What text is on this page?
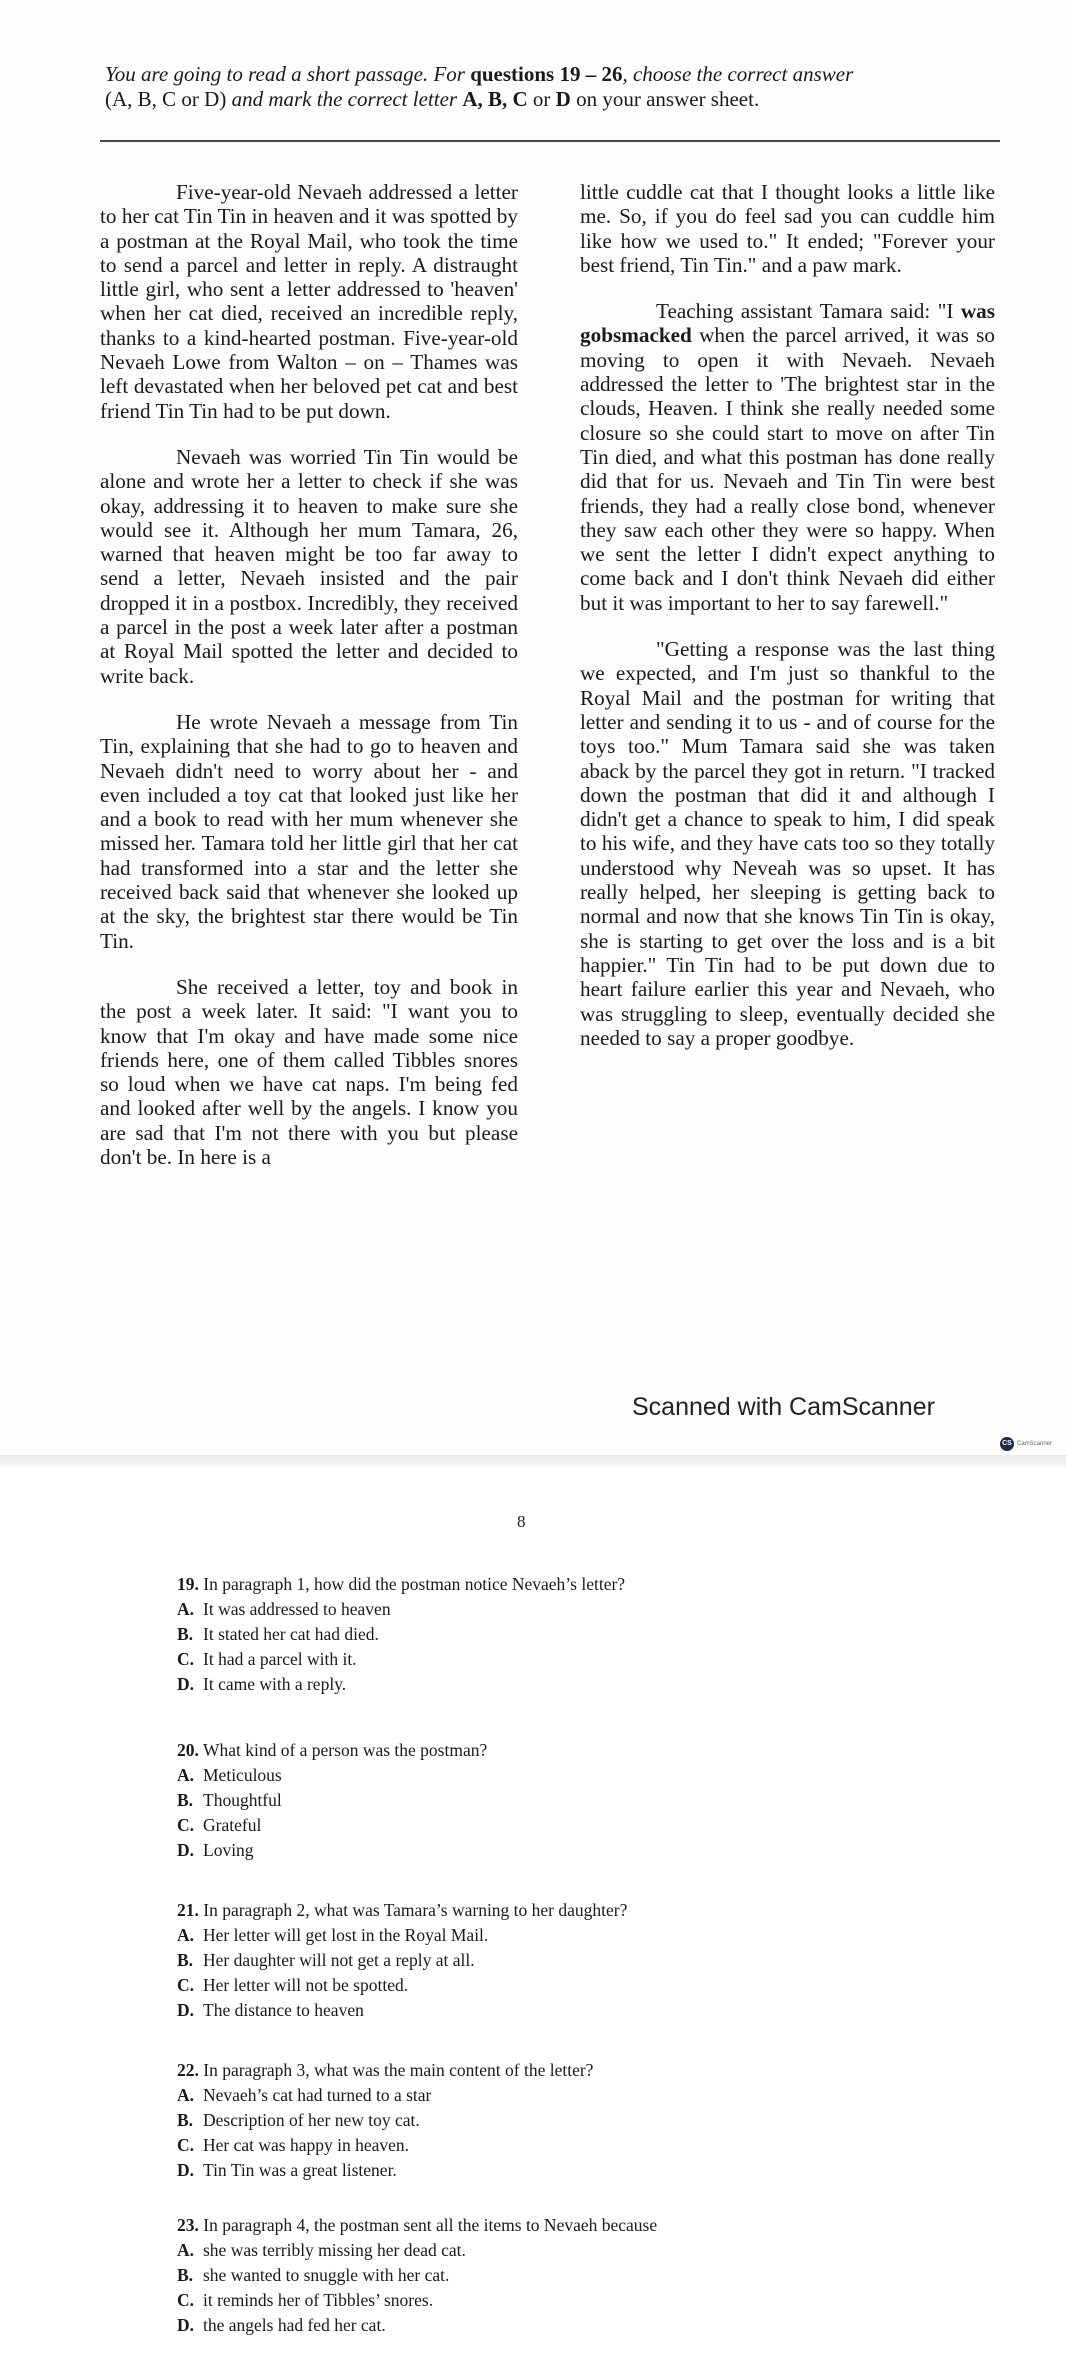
You are going to read a short passage. For questions 19 – 26, choose the correct answer
(A, B, C or D) and mark the correct letter A, B, C or D on your answer sheet.

Five-year-old Nevaeh addressed a letter to her cat Tin Tin in heaven and it was spotted by a postman at the Royal Mail, who took the time to send a parcel and letter in reply. A distraught little girl, who sent a letter addressed to 'heaven' when her cat died, received an incredible reply, thanks to a kind-hearted postman. Five-year-old Nevaeh Lowe from Walton – on – Thames was left devastated when her beloved pet cat and best friend Tin Tin had to be put down.

Nevaeh was worried Tin Tin would be alone and wrote her a letter to check if she was okay, addressing it to heaven to make sure she would see it. Although her mum Tamara, 26, warned that heaven might be too far away to send a letter, Nevaeh insisted and the pair dropped it in a postbox. Incredibly, they received a parcel in the post a week later after a postman at Royal Mail spotted the letter and decided to write back.

He wrote Nevaeh a message from Tin Tin, explaining that she had to go to heaven and Nevaeh didn't need to worry about her - and even included a toy cat that looked just like her and a book to read with her mum whenever she missed her. Tamara told her little girl that her cat had transformed into a star and the letter she received back said that whenever she looked up at the sky, the brightest star there would be Tin Tin.

She received a letter, toy and book in the post a week later. It said: "I want you to know that I'm okay and have made some nice friends here, one of them called Tibbles snores so loud when we have cat naps. I'm being fed and looked after well by the angels. I know you are sad that I'm not there with you but please don't be. In here is a

little cuddle cat that I thought looks a little like me. So, if you do feel sad you can cuddle him like how we used to." It ended; "Forever your best friend, Tin Tin." and a paw mark.

Teaching assistant Tamara said: "I was gobsmacked when the parcel arrived, it was so moving to open it with Nevaeh. Nevaeh addressed the letter to 'The brightest star in the clouds, Heaven. I think she really needed some closure so she could start to move on after Tin Tin died, and what this postman has done really did that for us. Nevaeh and Tin Tin were best friends, they had a really close bond, whenever they saw each other they were so happy. When we sent the letter I didn't expect anything to come back and I don't think Nevaeh did either but it was important to her to say farewell."

"Getting a response was the last thing we expected, and I'm just so thankful to the Royal Mail and the postman for writing that letter and sending it to us - and of course for the toys too." Mum Tamara said she was taken aback by the parcel they got in return. "I tracked down the postman that did it and although I didn't get a chance to speak to him, I did speak to his wife, and they have cats too so they totally understood why Neveah was so upset. It has really helped, her sleeping is getting back to normal and now that she knows Tin Tin is okay, she is starting to get over the loss and is a bit happier." Tin Tin had to be put down due to heart failure earlier this year and Nevaeh, who was struggling to sleep, eventually decided she needed to say a proper goodbye.

Scanned with CamScanner
CS CamScanner
8
19. In paragraph 1, how did the postman notice Nevaeh’s letter?
A. It was addressed to heaven
B. It stated her cat had died.
C. It had a parcel with it.
D. It came with a reply.
20. What kind of a person was the postman?
A. Meticulous
B. Thoughtful
C. Grateful
D. Loving
21. In paragraph 2, what was Tamara’s warning to her daughter?
A. Her letter will get lost in the Royal Mail.
B. Her daughter will not get a reply at all.
C. Her letter will not be spotted.
D. The distance to heaven
22. In paragraph 3, what was the main content of the letter?
A. Nevaeh’s cat had turned to a star
B. Description of her new toy cat.
C. Her cat was happy in heaven.
D. Tin Tin was a great listener.
23. In paragraph 4, the postman sent all the items to Nevaeh because
A. she was terribly missing her dead cat.
B. she wanted to snuggle with her cat.
C. it reminds her of Tibbles’ snores.
D. the angels had fed her cat.
